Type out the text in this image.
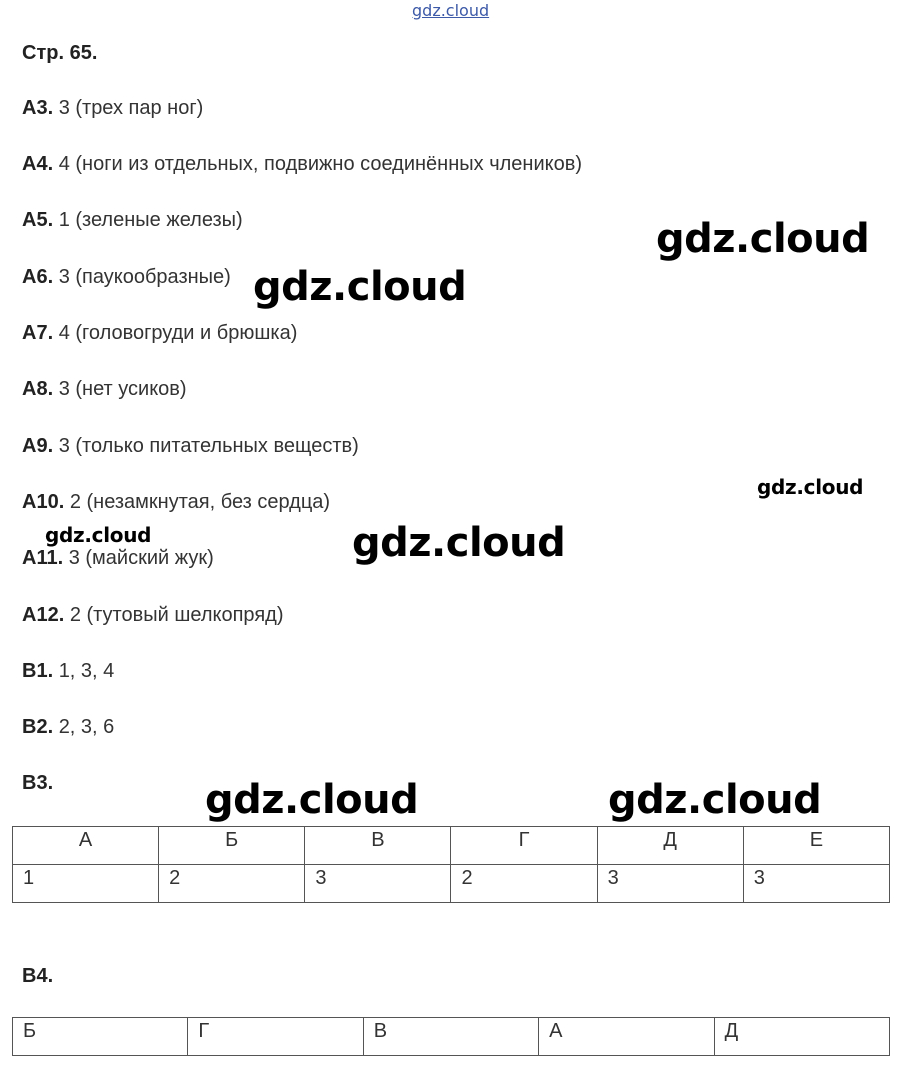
gdz.cloud
Стр. 65.
А3. 3 (трех пар ног)
А4. 4 (ноги из отдельных, подвижно соединённых члеников)
А5. 1 (зеленые железы)
А6. 3 (паукообразные)
А7. 4 (головогруди и брюшка)
А8. 3 (нет усиков)
А9. 3 (только питательных веществ)
А10. 2 (незамкнутая, без сердца)
А11. 3 (майский жук)
А12. 2 (тутовый шелкопряд)
В1. 1, 3, 4
В2. 2, 3, 6
В3.
А	Б	В	Г	Д	Е
1	2	3	2	3	3
В4.
Б	Г	В	А	Д
gdz.cloud
gdz.cloud
gdz.cloud
gdz.cloud	gdz.cloud
gdz.cloud	gdz.cloud
